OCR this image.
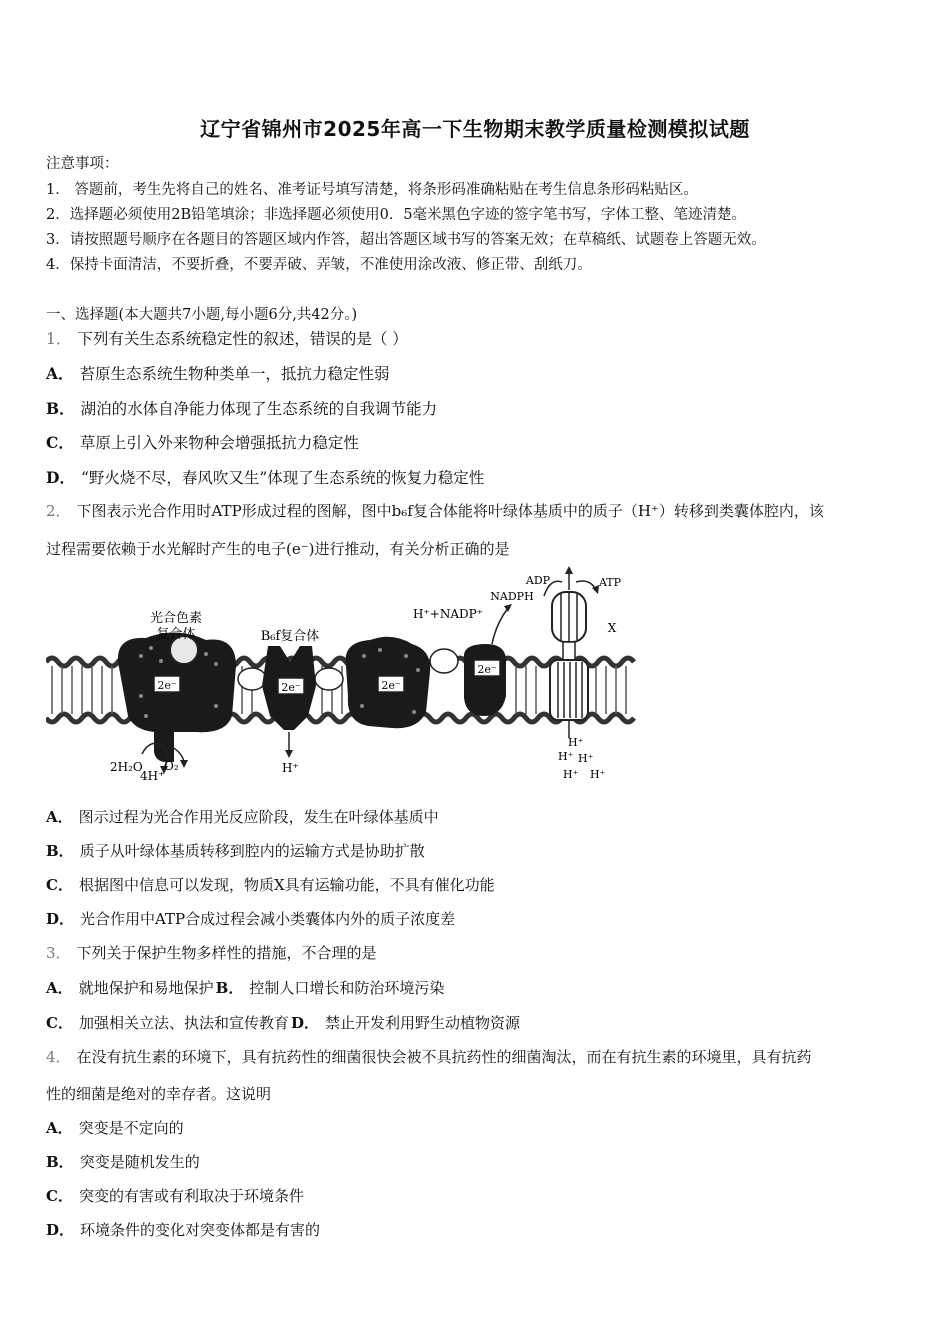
辽宁省锦州市2025年高一下生物期末教学质量检测模拟试题
注意事项：
1． 答题前，考生先将自己的姓名、准考证号填写清楚，将条形码准确粘贴在考生信息条形码粘贴区。
2．选择题必须使用2B铅笔填涂；非选择题必须使用0．5毫米黑色字迹的签字笔书写，字体工整、笔迹清楚。
3．请按照题号顺序在各题目的答题区域内作答，超出答题区域书写的答案无效；在草稿纸、试题卷上答题无效。
4．保持卡面清洁，不要折叠，不要弄破、弄皱，不准使用涂改液、修正带、刮纸刀。
一、选择题(本大题共7小题,每小题6分,共42分。)
1． 下列有关生态系统稳定性的叙述，错误的是（ ）
A． 苔原生态系统生物种类单一，抵抗力稳定性弱
B． 湖泊的水体自净能力体现了生态系统的自我调节能力
C． 草原上引入外来物种会增强抵抗力稳定性
D． “野火烧不尽，春风吹又生”体现了生态系统的恢复力稳定性
2． 下图表示光合作用时ATP形成过程的图解，图中b₆f复合体能将叶绿体基质中的质子（H⁺）转移到类囊体腔内，该
过程需要依赖于水光解时产生的电子(e⁻)进行推动，有关分析正确的是
2e⁻
光合色素
复合体
2e⁻
B₆f复合体
2e⁻
2e⁻
H⁺+NADP⁺
NADPH
ADP	ATP
X
H⁺
H⁺ H⁺
H⁺ H⁺
2H₂O
4H⁺
O₂	H⁺
A． 图示过程为光合作用光反应阶段，发生在叶绿体基质中
B． 质子从叶绿体基质转移到腔内的运输方式是协助扩散
C． 根据图中信息可以发现，物质X具有运输功能，不具有催化功能
D． 光合作用中ATP合成过程会减小类囊体内外的质子浓度差
3． 下列关于保护生物多样性的措施，不合理的是
A． 就地保护和易地保护 B． 控制人口增长和防治环境污染
C． 加强相关立法、执法和宣传教育 D． 禁止开发利用野生动植物资源
4． 在没有抗生素的环境下，具有抗药性的细菌很快会被不具抗药性的细菌淘汰，而在有抗生素的环境里，具有抗药
性的细菌是绝对的幸存者。这说明
A． 突变是不定向的
B． 突变是随机发生的
C． 突变的有害或有利取决于环境条件
D． 环境条件的变化对突变体都是有害的
